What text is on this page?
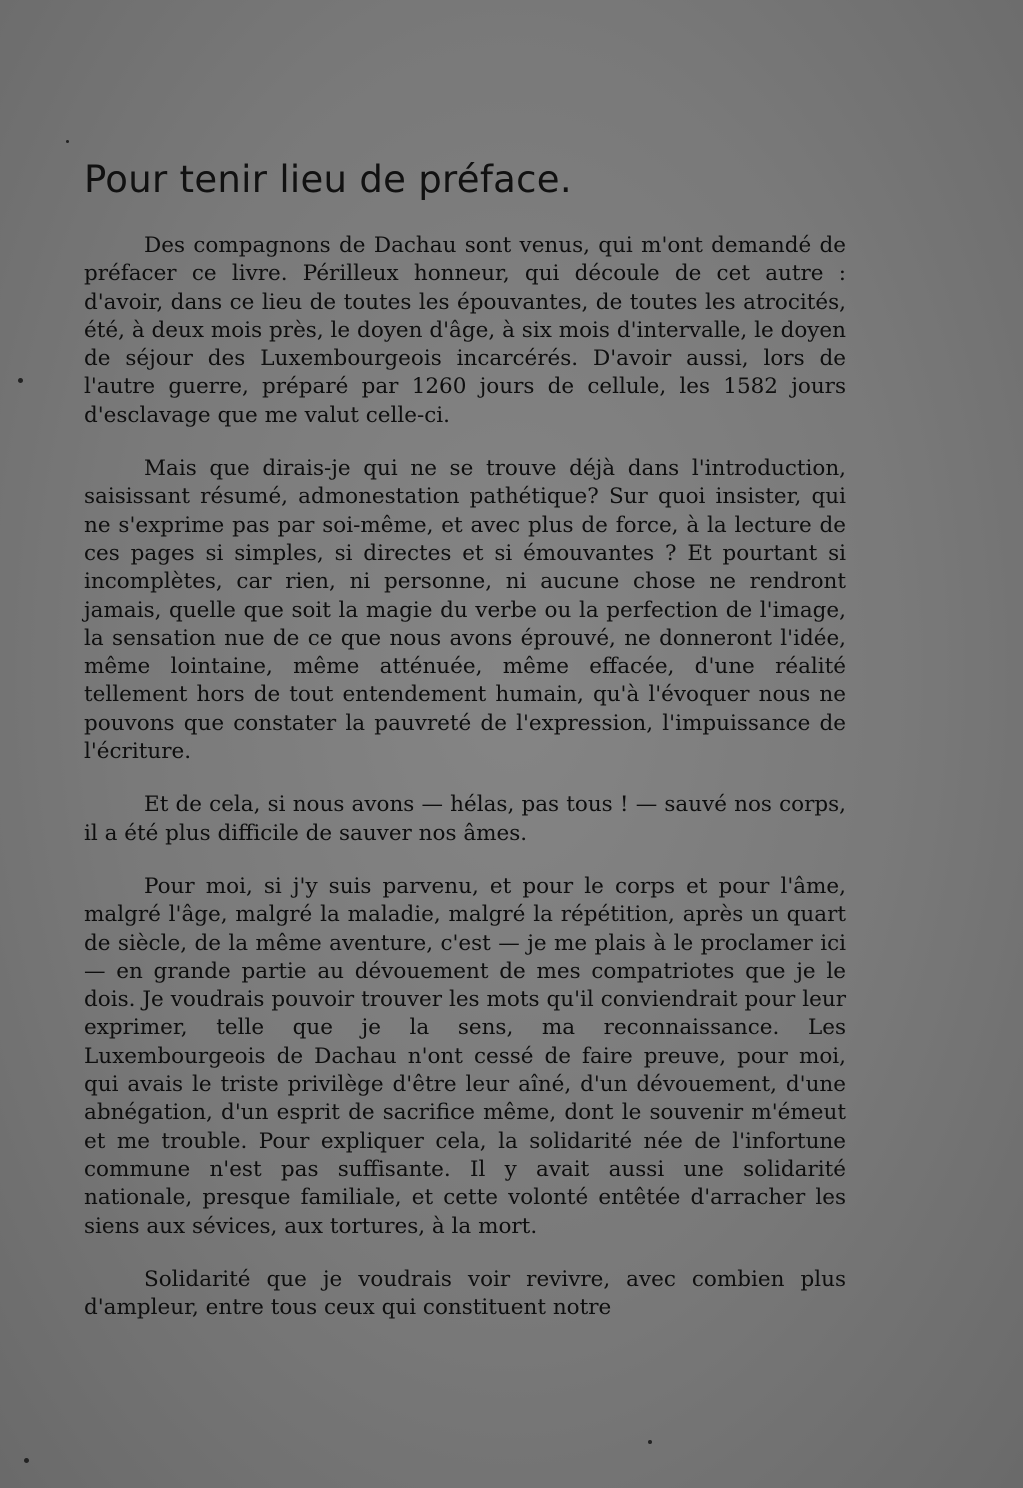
Pour tenir lieu de préface.

Des compagnons de Dachau sont venus, qui m'ont demandé de préfacer ce livre. Périlleux honneur, qui découle de cet autre : d'avoir, dans ce lieu de toutes les épouvantes, de toutes les atrocités, été, à deux mois près, le doyen d'âge, à six mois d'intervalle, le doyen de séjour des Luxembourgeois incarcérés. D'avoir aussi, lors de l'autre guerre, préparé par 1260 jours de cellule, les 1582 jours d'esclavage que me valut celle-ci.

Mais que dirais-je qui ne se trouve déjà dans l'introduction, saisissant résumé, admonestation pathétique? Sur quoi insister, qui ne s'exprime pas par soi-même, et avec plus de force, à la lecture de ces pages si simples, si directes et si émouvantes ? Et pourtant si incomplètes, car rien, ni personne, ni aucune chose ne rendront jamais, quelle que soit la magie du verbe ou la perfection de l'image, la sensation nue de ce que nous avons éprouvé, ne donneront l'idée, même lointaine, même atténuée, même effacée, d'une réalité tellement hors de tout entendement humain, qu'à l'évoquer nous ne pouvons que constater la pauvreté de l'expression, l'impuissance de l'écriture.

Et de cela, si nous avons — hélas, pas tous ! — sauvé nos corps, il a été plus difficile de sauver nos âmes.

Pour moi, si j'y suis parvenu, et pour le corps et pour l'âme, malgré l'âge, malgré la maladie, malgré la répétition, après un quart de siècle, de la même aventure, c'est — je me plais à le proclamer ici — en grande partie au dévouement de mes compatriotes que je le dois. Je voudrais pouvoir trouver les mots qu'il conviendrait pour leur exprimer, telle que je la sens, ma reconnaissance. Les Luxembourgeois de Dachau n'ont cessé de faire preuve, pour moi, qui avais le triste privilège d'être leur aîné, d'un dévouement, d'une abnégation, d'un esprit de sacrifice même, dont le souvenir m'émeut et me trouble. Pour expliquer cela, la solidarité née de l'infortune commune n'est pas suffisante. Il y avait aussi une solidarité nationale, presque familiale, et cette volonté entêtée d'arracher les siens aux sévices, aux tortures, à la mort.

Solidarité que je voudrais voir revivre, avec combien plus d'ampleur, entre tous ceux qui constituent notre
